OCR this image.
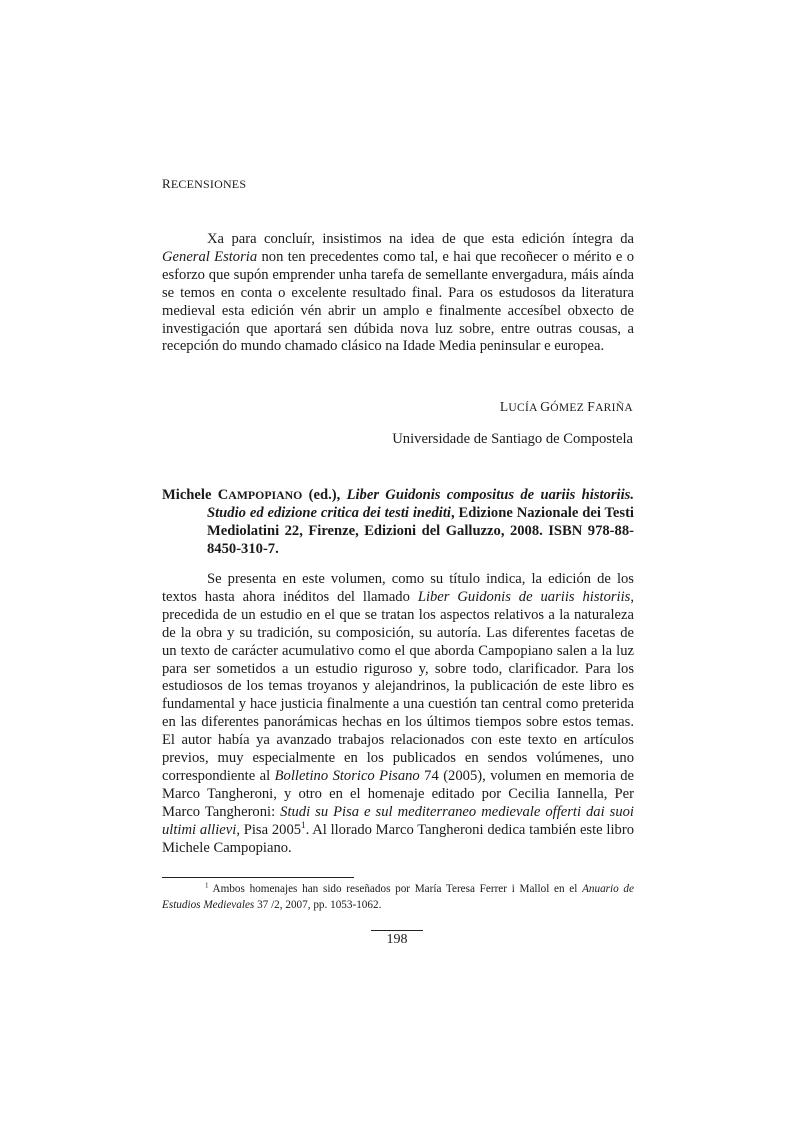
RECENSIONES

Xa para concluír, insistimos na idea de que esta edición íntegra da General Estoria non ten precedentes como tal, e hai que recoñecer o mérito e o esforzo que supón emprender unha tarefa de semellante envergadura, máis aínda se temos en conta o excelente resultado final. Para os estudosos da literatura medieval esta edición vén abrir un amplo e finalmente accesíbel obxecto de investigación que aportará sen dúbida nova luz sobre, entre outras cousas, a recepción do mundo chamado clásico na Idade Media peninsular e europea.

LUCÍA GÓMEZ FARIÑA
Universidade de Santiago de Compostela
Michele CAMPOPIANO (ed.), Liber Guidonis compositus de uariis historiis. Studio ed edizione critica dei testi inediti, Edizione Nazionale dei Testi Mediolatini 22, Firenze, Edizioni del Galluzzo, 2008. ISBN 978-88-8450-310-7.

Se presenta en este volumen, como su título indica, la edición de los textos hasta ahora inéditos del llamado Liber Guidonis de uariis historiis, precedida de un estudio en el que se tratan los aspectos relativos a la naturaleza de la obra y su tradición, su composición, su autoría. Las diferentes facetas de un texto de carácter acumulativo como el que aborda Campopiano salen a la luz para ser sometidos a un estudio riguroso y, sobre todo, clarificador. Para los estudiosos de los temas troyanos y alejandrinos, la publicación de este libro es fundamental y hace justicia finalmente a una cuestión tan central como preterida en las diferentes panorámicas hechas en los últimos tiempos sobre estos temas. El autor había ya avanzado trabajos relacionados con este texto en artículos previos, muy especialmente en los publicados en sendos volúmenes, uno correspondiente al Bolletino Storico Pisano 74 (2005), volumen en memoria de Marco Tangheroni, y otro en el homenaje editado por Cecilia Iannella, Per Marco Tangheroni: Studi su Pisa e sul mediterraneo medievale offerti dai suoi ultimi allievi, Pisa 2005$^1$. Al llorado Marco Tangheroni dedica también este libro Michele Campopiano.

$^1$ Ambos homenajes han sido reseñados por María Teresa Ferrer i Mallol en el Anuario de Estudios Medievales 37 /2, 2007, pp. 1053-1062.
198
